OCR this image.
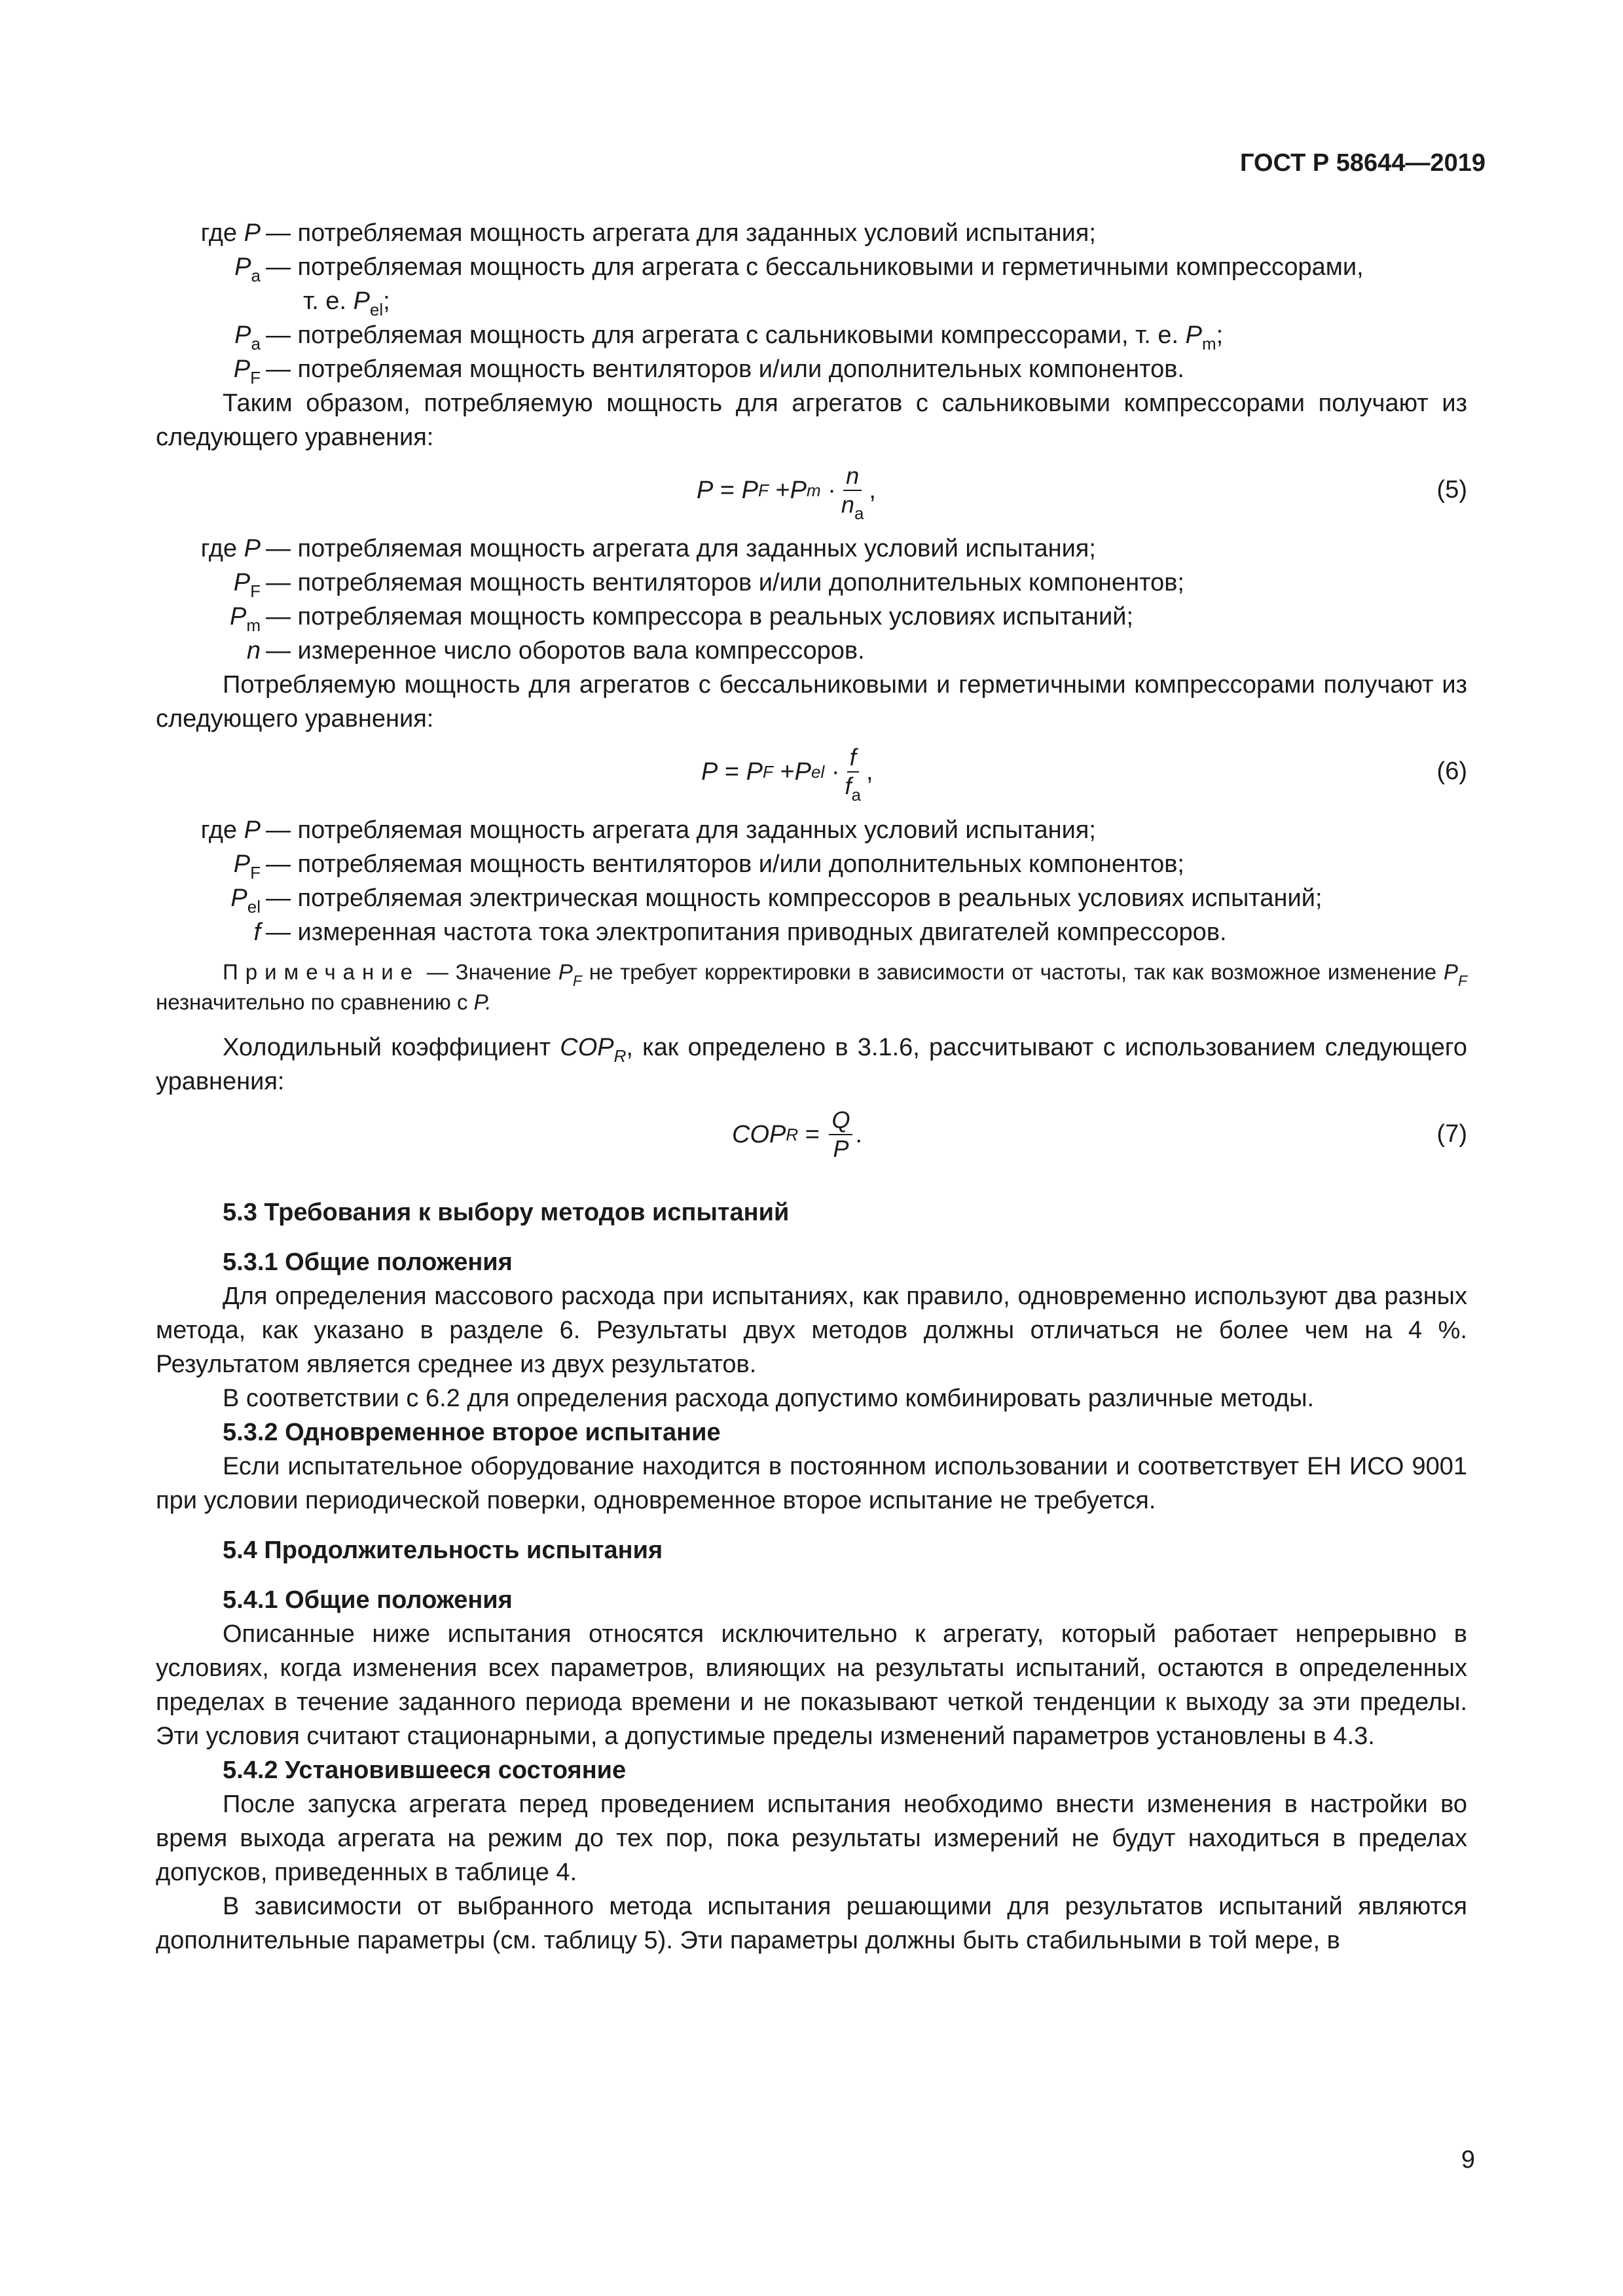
ГОСТ Р 58644—2019
где P — потребляемая мощность агрегата для заданных условий испытания;
$P_a$ — потребляемая мощность для агрегата с бессальниковыми и герметичными компрессорами,
т. е. $P_{el}$;
$P_a$ — потребляемая мощность для агрегата с сальниковыми компрессорами, т. е. $P_m$;
$P_F$ — потребляемая мощность вентиляторов и/или дополнительных компонентов.

Таким образом, потребляемую мощность для агрегатов с сальниковыми компрессорами получают из следующего уравнения:

P = P F + P $m \cdot \frac{n}{n_a}$ ,	(5)
где P — потребляемая мощность агрегата для заданных условий испытания;
$P_F$ — потребляемая мощность вентиляторов и/или дополнительных компонентов;
$P_m$ — потребляемая мощность компрессора в реальных условиях испытаний;
n — измеренное число оборотов вала компрессоров.

Потребляемую мощность для агрегатов с бессальниковыми и герметичными компрессорами получают из следующего уравнения:

P = P F + P el · $\frac{f}{f_a}$ ,	(6)
где P — потребляемая мощность агрегата для заданных условий испытания;
$P_F$ — потребляемая мощность вентиляторов и/или дополнительных компонентов;
$P_{el}$ — потребляемая электрическая мощность компрессоров в реальных условиях испытаний;
f — измеренная частота тока электропитания приводных двигателей компрессоров.

Примечание — Значение $P_F$ не требует корректировки в зависимости от частоты, так как возможное изменение $P_F$ незначительно по сравнению с P.

Холодильный коэффициент $COP_R$, как определено в 3.1.6, рассчитывают с использованием следующего уравнения:

COP $R = \frac{Q}{P}$ .	(7)

5.3 Требования к выбору методов испытаний

5.3.1 Общие положения

Для определения массового расхода при испытаниях, как правило, одновременно используют два разных метода, как указано в разделе 6. Результаты двух методов должны отличаться не более чем на 4 %. Результатом является среднее из двух результатов.

В соответствии с 6.2 для определения расхода допустимо комбинировать различные методы.

5.3.2 Одновременное второе испытание

Если испытательное оборудование находится в постоянном использовании и соответствует ЕН ИСО 9001 при условии периодической поверки, одновременное второе испытание не требуется.

5.4 Продолжительность испытания

5.4.1 Общие положения

Описанные ниже испытания относятся исключительно к агрегату, который работает непрерывно в условиях, когда изменения всех параметров, влияющих на результаты испытаний, остаются в определенных пределах в течение заданного периода времени и не показывают четкой тенденции к выходу за эти пределы. Эти условия считают стационарными, а допустимые пределы изменений параметров установлены в 4.3.

5.4.2 Установившееся состояние

После запуска агрегата перед проведением испытания необходимо внести изменения в настройки во время выхода агрегата на режим до тех пор, пока результаты измерений не будут находиться в пределах допусков, приведенных в таблице 4.

В зависимости от выбранного метода испытания решающими для результатов испытаний являются дополнительные параметры (см. таблицу 5). Эти параметры должны быть стабильными в той мере, в

9
